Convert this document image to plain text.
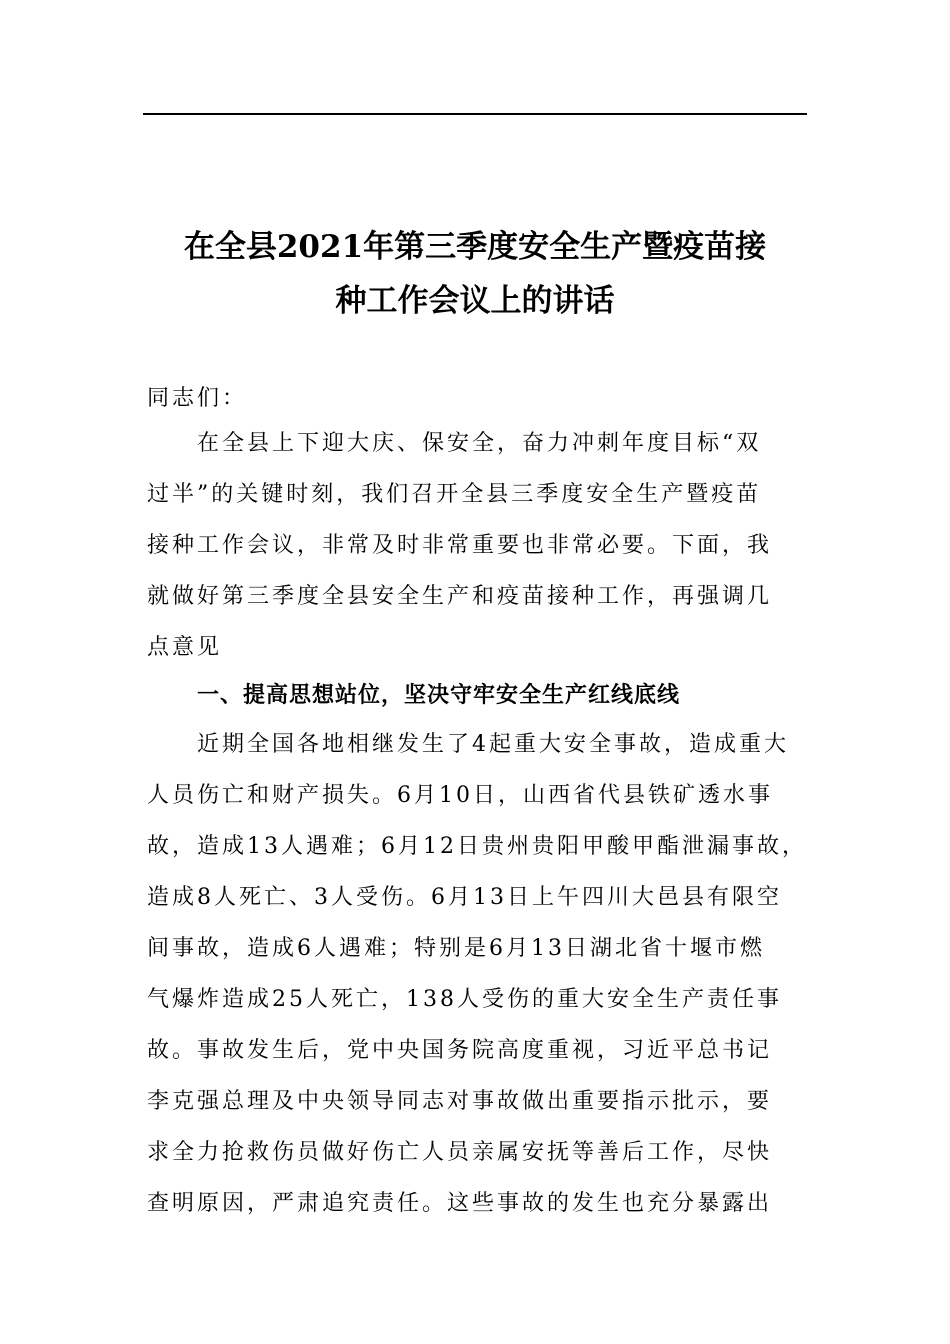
在全县2021年第三季度安全生产暨疫苗接
种工作会议上的讲话
同志们：
在全县上下迎大庆、保安全，奋力冲刺年度目标“双
过半”的关键时刻，我们召开全县三季度安全生产暨疫苗
接种工作会议，非常及时非常重要也非常必要。下面，我
就做好第三季度全县安全生产和疫苗接种工作，再强调几
点意见
一、提高思想站位，坚决守牢安全生产红线底线
近期全国各地相继发生了4起重大安全事故，造成重大
人员伤亡和财产损失。6月10日，山西省代县铁矿透水事
故，造成13人遇难；6月12日贵州贵阳甲酸甲酯泄漏事故，
造成8人死亡、3人受伤。6月13日上午四川大邑县有限空
间事故，造成6人遇难；特别是6月13日湖北省十堰市燃
气爆炸造成25人死亡，138人受伤的重大安全生产责任事
故。事故发生后，党中央国务院高度重视，习近平总书记
李克强总理及中央领导同志对事故做出重要指示批示，要
求全力抢救伤员做好伤亡人员亲属安抚等善后工作，尽快
查明原因，严肃追究责任。这些事故的发生也充分暴露出
